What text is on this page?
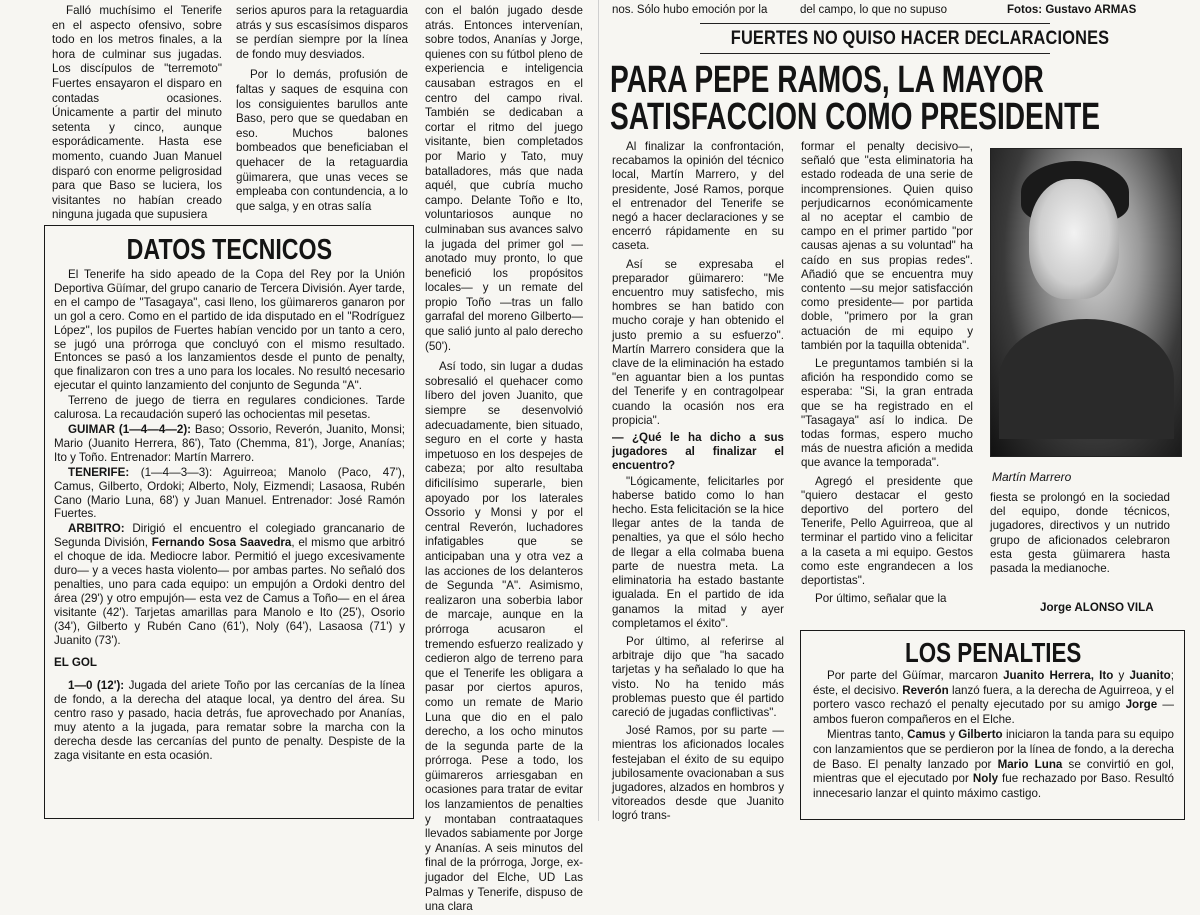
Falló muchísimo el Tenerife en el aspecto ofensivo, sobre todo en los metros finales, a la hora de culminar sus jugadas. Los discípulos de "terremoto" Fuertes ensayaron el disparo en contadas ocasiones. Únicamente a partir del minuto setenta y cinco, aunque esporádicamente. Hasta ese momento, cuando Juan Manuel disparó con enorme peligrosidad para que Baso se luciera, los visitantes no habían creado ninguna jugada que supusiera

serios apuros para la retaguardia atrás y sus escasísimos disparos se perdían siempre por la línea de fondo muy desviados.

Por lo demás, profusión de faltas y saques de esquina con los consiguientes barullos ante Baso, pero que se quedaban en eso. Muchos balones bombeados que beneficiaban el quehacer de la retaguardia güimarera, que unas veces se empleaba con contundencia, a lo que salga, y en otras salía

con el balón jugado desde atrás. Entonces intervenían, sobre todos, Ananías y Jorge, quienes con su fútbol pleno de experiencia e inteligencia causaban estragos en el centro del campo rival. También se dedicaban a cortar el ritmo del juego visitante, bien completados por Mario y Tato, muy batalladores, más que nada aquél, que cubría mucho campo. Delante Toño e Ito, voluntariosos aunque no culminaban sus avances salvo la jugada del primer gol —anotado muy pronto, lo que benefició los propósitos locales— y un remate del propio Toño —tras un fallo garrafal del moreno Gilberto— que salió junto al palo derecho (50').

Así todo, sin lugar a dudas sobresalió el quehacer como líbero del joven Juanito, que siempre se desenvolvió adecuadamente, bien situado, seguro en el corte y hasta impetuoso en los despejes de cabeza; por alto resultaba dificilísimo superarle, bien apoyado por los laterales Ossorio y Monsi y por el central Reverón, luchadores infatigables que se anticipaban una y otra vez a las acciones de los delanteros de Segunda "A". Asimismo, realizaron una soberbia labor de marcaje, aunque en la prórroga acusaron el tremendo esfuerzo realizado y cedieron algo de terreno para que el Tenerife les obligara a pasar por ciertos apuros, como un remate de Mario Luna que dio en el palo derecho, a los ocho minutos de la segunda parte de la prórroga. Pese a todo, los güimareros arriesgaban en ocasiones para tratar de evitar los lanzamientos de penalties y montaban contraataques llevados sabiamente por Jorge y Ananías. A seis minutos del final de la prórroga, Jorge, ex-jugador del Elche, UD Las Palmas y Tenerife, dispuso de una clara

DATOS TECNICOS

El Tenerife ha sido apeado de la Copa del Rey por la Unión Deportiva Güímar, del grupo canario de Tercera División. Ayer tarde, en el campo de "Tasagaya", casi lleno, los güimareros ganaron por un gol a cero. Como en el partido de ida disputado en el "Rodríguez López", los pupilos de Fuertes habían vencido por un tanto a cero, se jugó una prórroga que concluyó con el mismo resultado. Entonces se pasó a los lanzamientos desde el punto de penalty, que finalizaron con tres a uno para los locales. No resultó necesario ejecutar el quinto lanzamiento del conjunto de Segunda "A".

Terreno de juego de tierra en regulares condiciones. Tarde calurosa. La recaudación superó las ochocientas mil pesetas.

GUIMAR (1—4—4—2): Baso; Ossorio, Reverón, Juanito, Monsi; Mario (Juanito Herrera, 86'), Tato (Chemma, 81'), Jorge, Ananías; Ito y Toño. Entrenador: Martín Marrero.

TENERIFE: (1—4—3—3): Aguirreoa; Manolo (Paco, 47'), Camus, Gilberto, Ordoki; Alberto, Noly, Eizmendi; Lasaosa, Rubén Cano (Mario Luna, 68') y Juan Manuel. Entrenador: José Ramón Fuertes.

ARBITRO: Dirigió el encuentro el colegiado grancanario de Segunda División, Fernando Sosa Saavedra, el mismo que arbitró el choque de ida. Mediocre labor. Permitió el juego excesivamente duro— y a veces hasta violento— por ambas partes. No señaló dos penalties, uno para cada equipo: un empujón a Ordoki dentro del área (29') y otro empujón— esta vez de Camus a Toño— en el área visitante (42'). Tarjetas amarillas para Manolo e Ito (25'), Osorio (34'), Gilberto y Rubén Cano (61'), Noly (64'), Lasaosa (71') y Juanito (73').

EL GOL

1—0 (12'): Jugada del ariete Toño por las cercanías de la línea de fondo, a la derecha del ataque local, ya dentro del área. Su centro raso y pasado, hacia detrás, fue aprovechado por Ananías, muy atento a la jugada, para rematar sobre la marcha con la derecha desde las cercanías del punto de penalty. Despiste de la zaga visitante en esta ocasión.

nos. Sólo hubo emoción por la	del campo, lo que no supuso	Fotos: Gustavo ARMAS
FUERTES NO QUISO HACER DECLARACIONES
PARA PEPE RAMOS, LA MAYOR
SATISFACCION COMO PRESIDENTE

Al finalizar la confrontación, recabamos la opinión del técnico local, Martín Marrero, y del presidente, José Ramos, porque el entrenador del Tenerife se negó a hacer declaraciones y se encerró rápidamente en su caseta.

Así se expresaba el preparador güimarero: "Me encuentro muy satisfecho, mis hombres se han batido con mucho coraje y han obtenido el justo premio a su esfuerzo". Martín Marrero considera que la clave de la eliminación ha estado "en aguantar bien a los puntas del Tenerife y en contragolpear cuando la ocasión nos era propicia".

— ¿Qué le ha dicho a sus jugadores al finalizar el encuentro?

"Lógicamente, felicitarles por haberse batido como lo han hecho. Esta felicitación se la hice llegar antes de la tanda de penalties, ya que el sólo hecho de llegar a ella colmaba buena parte de nuestra meta. La eliminatoria ha estado bastante igualada. En el partido de ida ganamos la mitad y ayer completamos el éxito".

Por último, al referirse al arbitraje dijo que "ha sacado tarjetas y ha señalado lo que ha visto. No ha tenido más problemas puesto que él partido careció de jugadas conflictivas".

José Ramos, por su parte —mientras los aficionados locales festejaban el éxito de su equipo jubilosamente ovacionaban a sus jugadores, alzados en hombros y vitoreados desde que Juanito logró trans-

formar el penalty decisivo—, señaló que "esta eliminatoria ha estado rodeada de una serie de incomprensiones. Quien quiso perjudicarnos económicamente al no aceptar el cambio de campo en el primer partido "por causas ajenas a su voluntad" ha caído en sus propias redes". Añadió que se encuentra muy contento —su mejor satisfacción como presidente— por partida doble, "primero por la gran actuación de mi equipo y también por la taquilla obtenida".

Le preguntamos también si la afición ha respondido como se esperaba: "Si, la gran entrada que se ha registrado en el "Tasagaya" así lo indica. De todas formas, espero mucho más de nuestra afición a medida que avance la temporada".

Agregó el presidente que "quiero destacar el gesto deportivo del portero del Tenerife, Pello Aguirreoa, que al terminar el partido vino a felicitar a la caseta a mi equipo. Gestos como este engrandecen a los deportistas".

Por último, señalar que la

Martín Marrero

fiesta se prolongó en la sociedad del equipo, donde técnicos, jugadores, directivos y un nutrido grupo de aficionados celebraron esta gesta güimarera hasta pasada la medianoche.

Jorge ALONSO VILA
LOS PENALTIES

Por parte del Güímar, marcaron Juanito Herrera, Ito y Juanito; éste, el decisivo. Reverón lanzó fuera, a la derecha de Aguirreoa, y el portero vasco rechazó el penalty ejecutado por su amigo Jorge — ambos fueron compañeros en el Elche.

Mientras tanto, Camus y Gilberto iniciaron la tanda para su equipo con lanzamientos que se perdieron por la línea de fondo, a la derecha de Baso. El penalty lanzado por Mario Luna se convirtió en gol, mientras que el ejecutado por Noly fue rechazado por Baso. Resultó innecesario lanzar el quinto máximo castigo.
